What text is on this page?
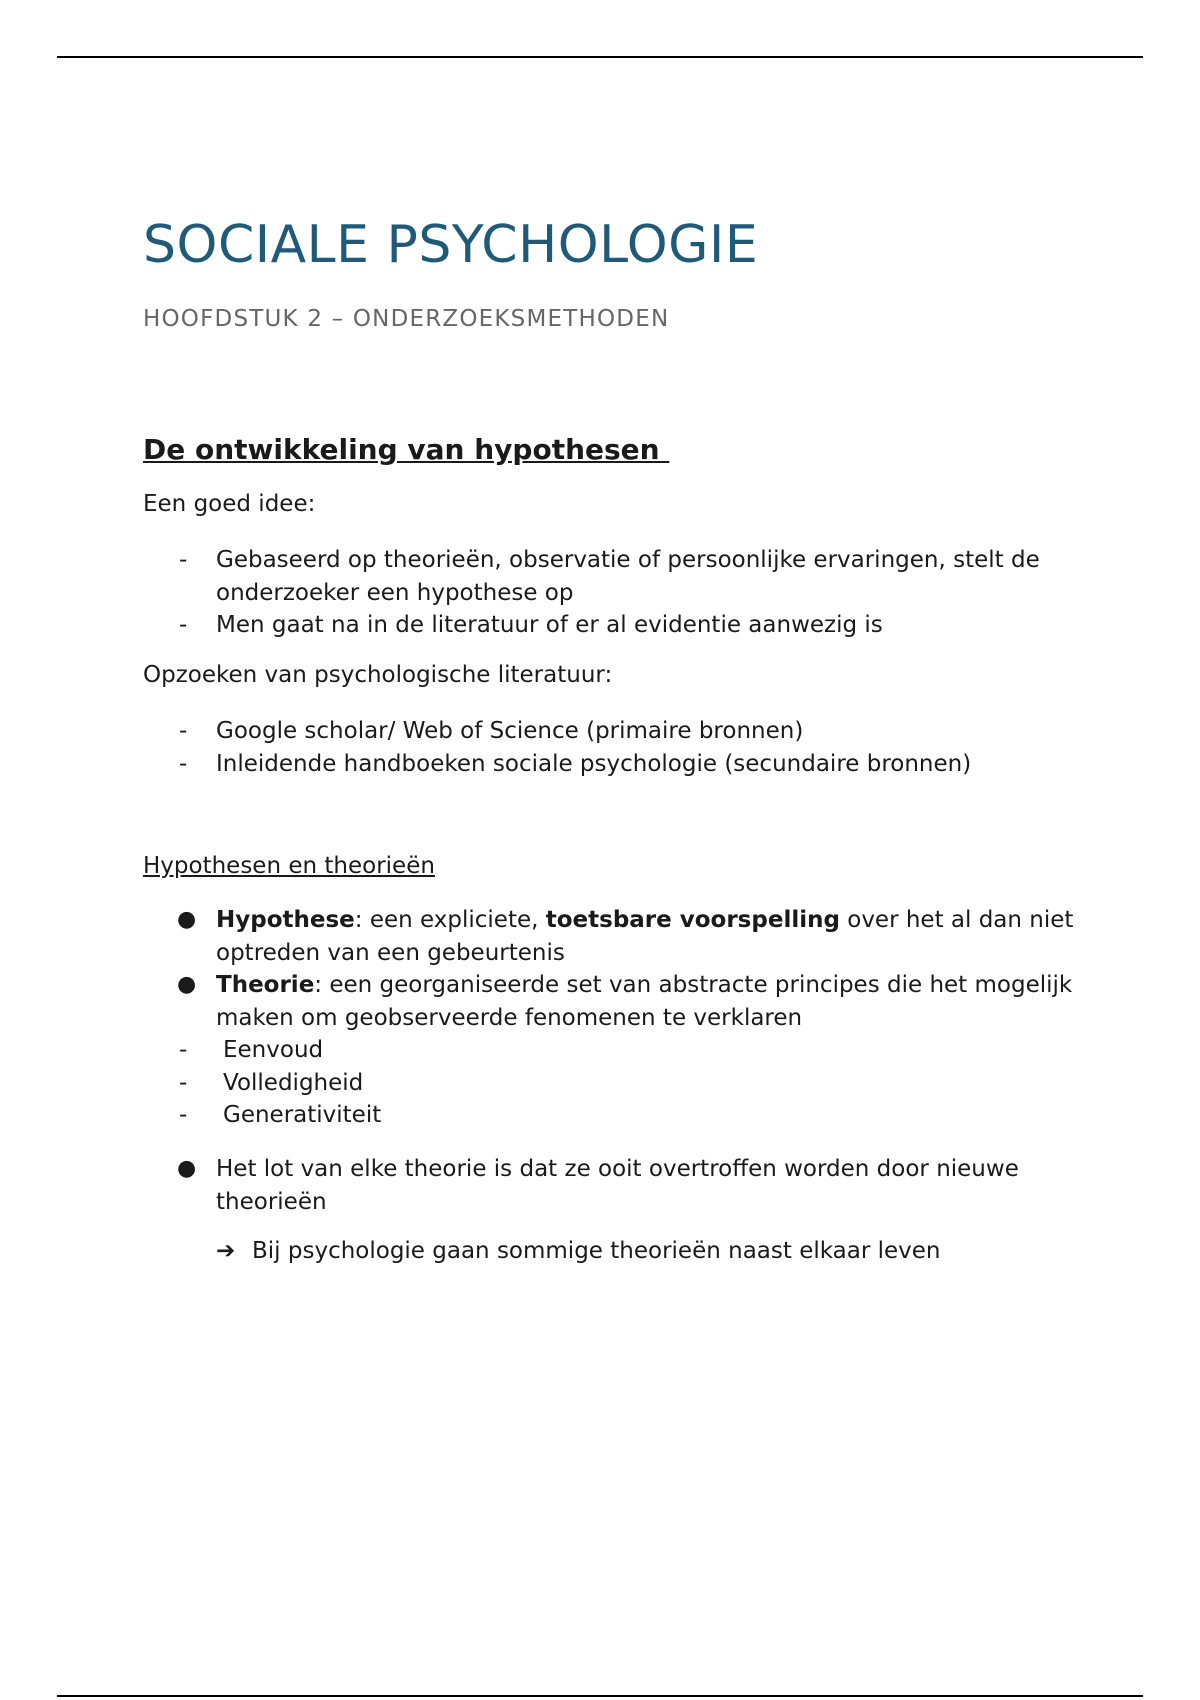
SOCIALE PSYCHOLOGIE

HOOFDSTUK 2 – ONDERZOEKSMETHODEN

De ontwikkeling van hypothesen

Een goed idee:

- Gebaseerd op theorieën, observatie of persoonlijke ervaringen, stelt de onderzoeker een hypothese op
- Men gaat na in de literatuur of er al evidentie aanwezig is

Opzoeken van psychologische literatuur:

- Google scholar/ Web of Science (primaire bronnen)
- Inleidende handboeken sociale psychologie (secundaire bronnen)

Hypothesen en theorieën

● Hypothese: een expliciete, toetsbare voorspelling over het al dan niet optreden van een gebeurtenis
● Theorie: een georganiseerde set van abstracte principes die het mogelijk maken om geobserveerde fenomenen te verklaren
- Eenvoud
- Volledigheid
- Generativiteit
● Het lot van elke theorie is dat ze ooit overtroffen worden door nieuwe theorieën
➔ Bij psychologie gaan sommige theorieën naast elkaar leven
